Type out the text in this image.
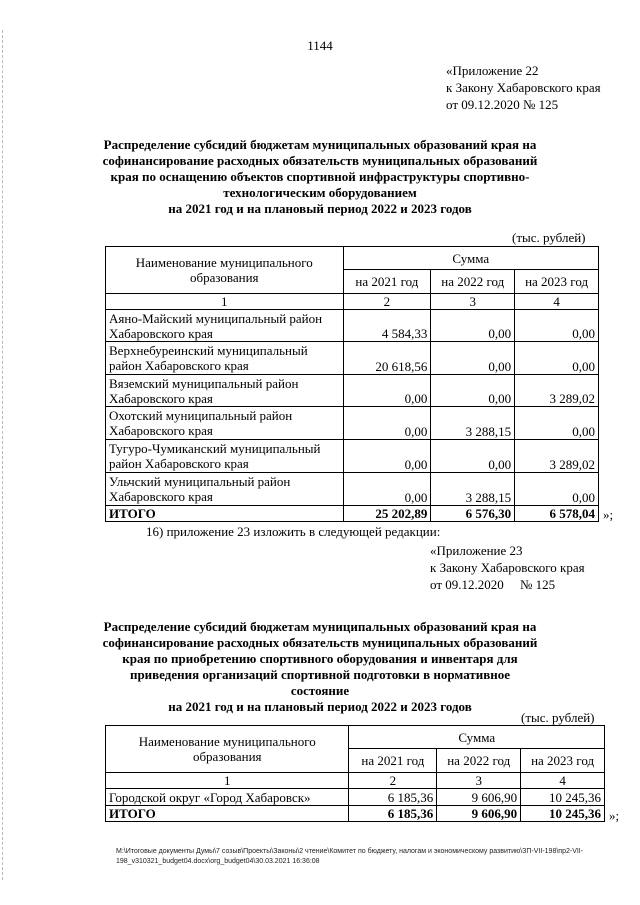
1144
«Приложение 22
к Закону Хабаровского края
от 09.12.2020 № 125
Распределение субсидий бюджетам муниципальных образований края на
софинансирование расходных обязательств муниципальных образований
края по оснащению объектов спортивной инфраструктуры спортивно-
технологическим оборудованием
на 2021 год и на плановый период 2022 и 2023 годов
(тыс. рублей)
Наименование муниципального
образования	Сумма		
	на 2021 год	на 2022 год	на 2023 год
1	2	3	4

Аяно-Майский муниципальный район
Хабаровского края	4 584,33	0,00	0,00

Верхнебуреинский муниципальный
район Хабаровского края	20 618,56	0,00	0,00

Вяземский муниципальный район
Хабаровского края	0,00	0,00	3 289,02

Охотский муниципальный район
Хабаровского края	0,00	3 288,15	0,00

Тугуро-Чумиканский муниципальный
район Хабаровского края	0,00	0,00	3 289,02

Ульчский муниципальный район
Хабаровского края	0,00	3 288,15	0,00
ИТОГО	25 202,89	6 576,30	6 578,04 »;
16) приложение 23 изложить в следующей редакции:
«Приложение 23
к Закону Хабаровского края
от 09.12.2020     № 125
Распределение субсидий бюджетам муниципальных образований края на
софинансирование расходных обязательств муниципальных образований
края по приобретению спортивного оборудования и инвентаря для
приведения организаций спортивной подготовки в нормативное состояние
на 2021 год и на плановый период 2022 и 2023 годов
(тыс. рублей)
Наименование муниципального
образования	Сумма		
	на 2021 год	на 2022 год	на 2023 год
1	2	3	4
Городской округ «Город Хабаровск»	6 185,36	9 606,90	10 245,36
ИТОГО	6 185,36	9 606,90	10 245,36 »;
M:\Итоговые документы Думы\7 созыв\Проекты\Законы\2 чтение\Комитет по бюджету, налогам и экономическому развитию\ЗП-VII-198\пр2-VII-
198_v310321_budget04.docx\org_budget04\30.03.2021 16:36:08
